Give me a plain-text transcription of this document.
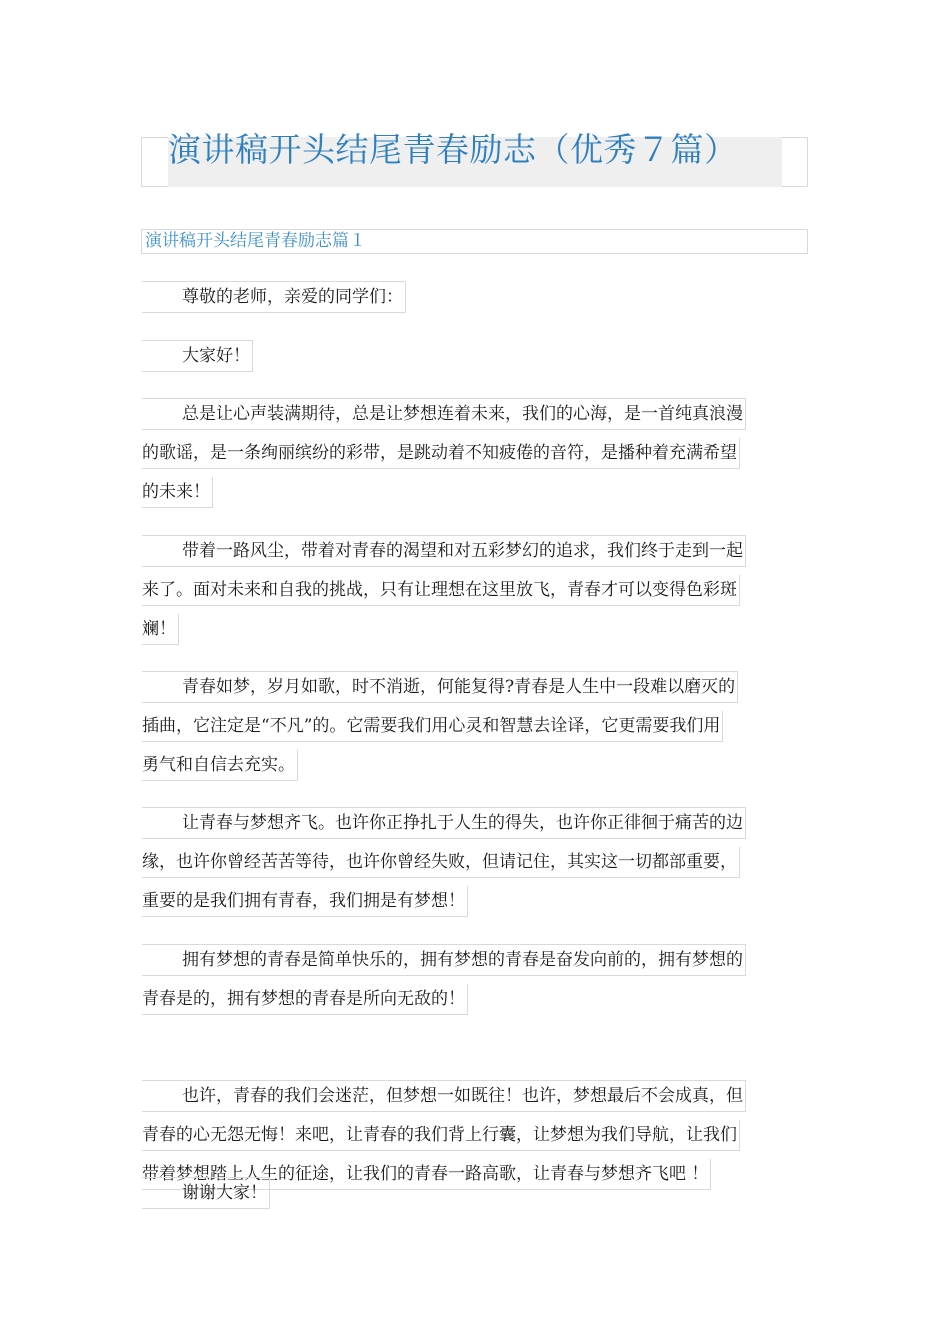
演讲稿开头结尾青春励志（优秀７篇）
演讲稿开头结尾青春励志篇１
尊敬的老师，亲爱的同学们：
大家好！
总是让心声装满期待，总是让梦想连着未来，我们的心海，是一首纯真浪漫
的歌谣，是一条绚丽缤纷的彩带，是跳动着不知疲倦的音符，是播种着充满希望
的未来！
带着一路风尘，带着对青春的渴望和对五彩梦幻的追求，我们终于走到一起
来了。面对未来和自我的挑战，只有让理想在这里放飞，青春才可以变得色彩斑
斓！
青春如梦，岁月如歌，时不消逝，何能复得?青春是人生中一段难以磨灭的
插曲，它注定是“不凡”的。它需要我们用心灵和智慧去诠译，它更需要我们用
勇气和自信去充实。
让青春与梦想齐飞。也许你正挣扎于人生的得失，也许你正徘徊于痛苦的边
缘，也许你曾经苦苦等待，也许你曾经失败，但请记住，其实这一切都部重要，
重要的是我们拥有青春，我们拥是有梦想！
拥有梦想的青春是简单快乐的，拥有梦想的青春是奋发向前的，拥有梦想的
青春是的，拥有梦想的青春是所向无敌的！
也许，青春的我们会迷茫，但梦想一如既往！也许，梦想最后不会成真，但
青春的心无怨无悔！来吧，让青春的我们背上行囊，让梦想为我们导航，让我们
带着梦想踏上人生的征途，让我们的青春一路高歌，让青春与梦想齐飞吧 ！
谢谢大家！
